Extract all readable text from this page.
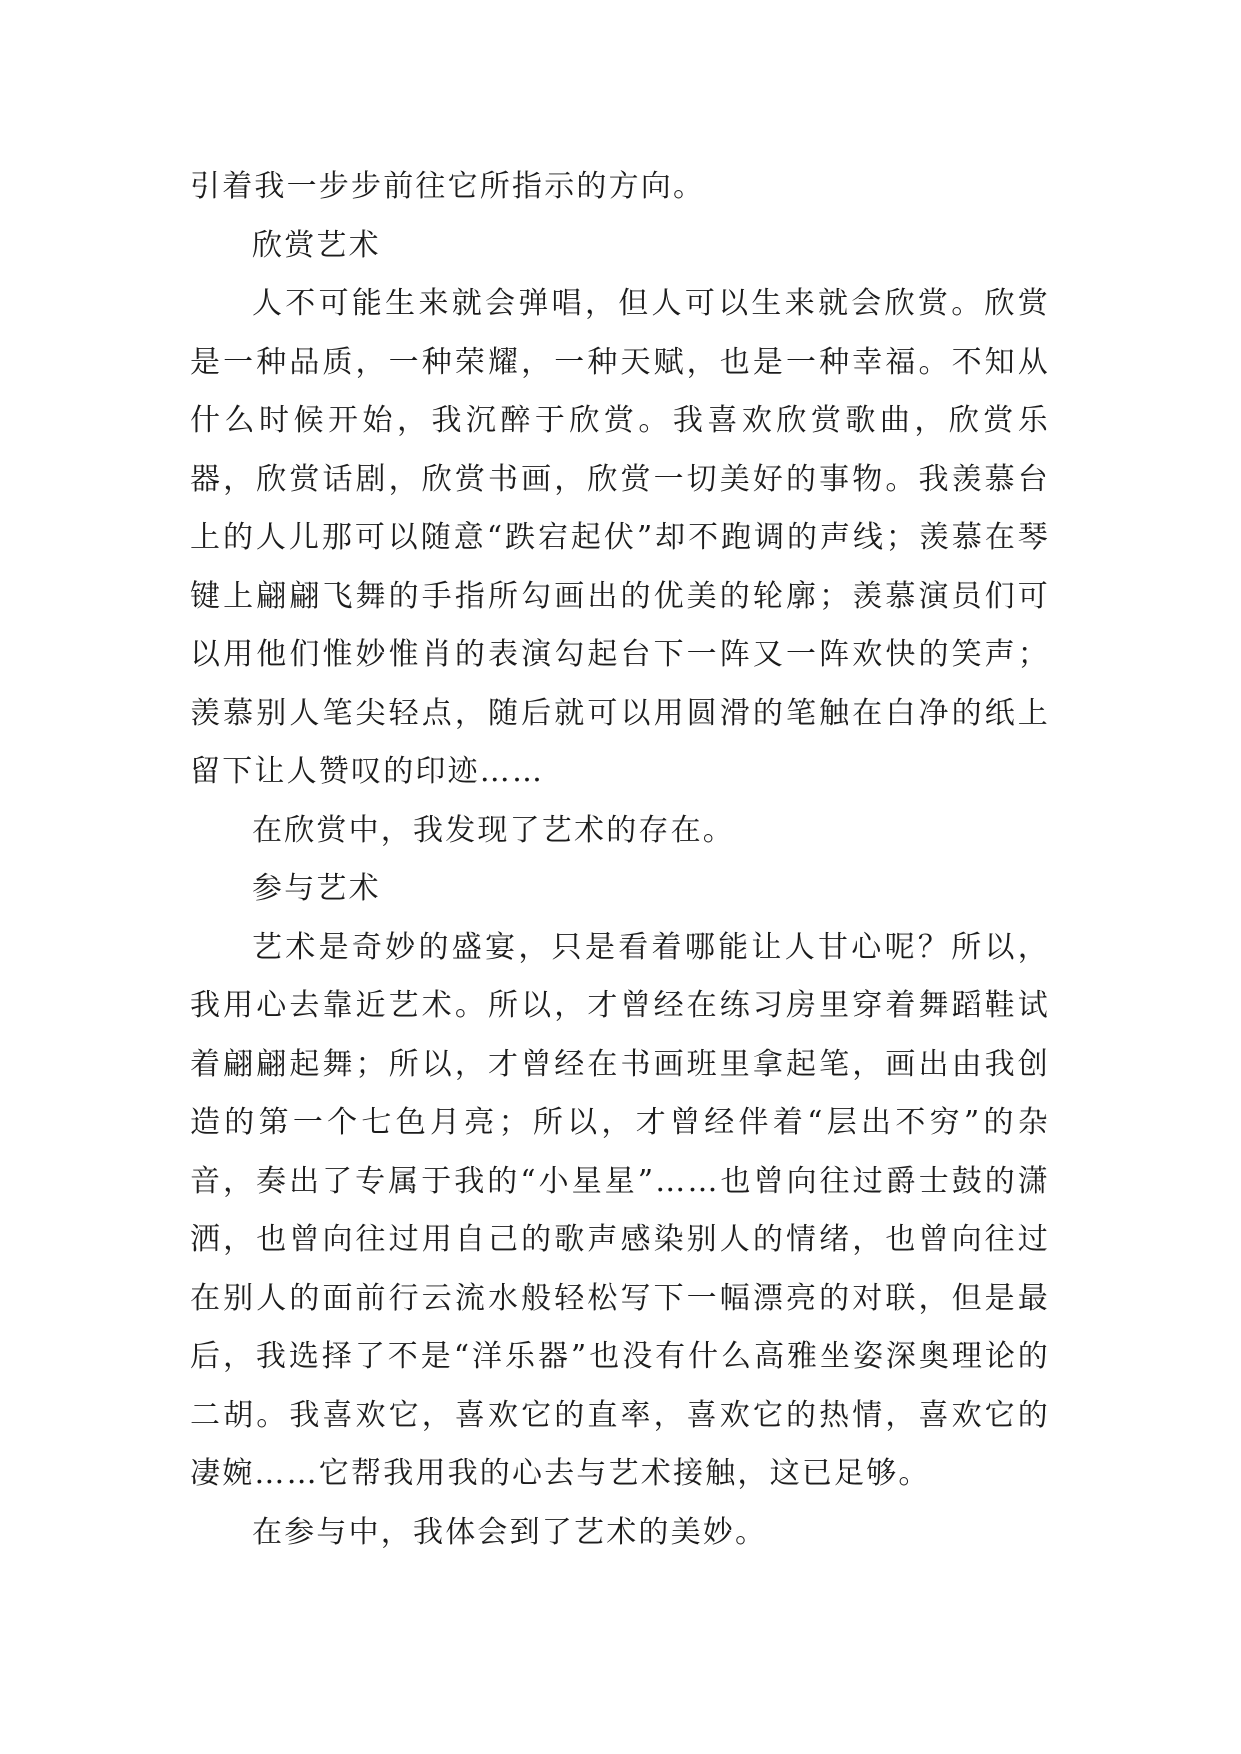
引着我一步步前往它所指示的方向。

欣赏艺术

人不可能生来就会弹唱，但人可以生来就会欣赏。欣赏是一种品质，一种荣耀，一种天赋，也是一种幸福。不知从什么时候开始，我沉醉于欣赏。我喜欢欣赏歌曲，欣赏乐器，欣赏话剧，欣赏书画，欣赏一切美好的事物。我羡慕台上的人儿那可以随意“跌宕起伏”却不跑调的声线；羡慕在琴键上翩翩飞舞的手指所勾画出的优美的轮廓；羡慕演员们可以用他们惟妙惟肖的表演勾起台下一阵又一阵欢快的笑声；羡慕别人笔尖轻点，随后就可以用圆滑的笔触在白净的纸上留下让人赞叹的印迹……

在欣赏中，我发现了艺术的存在。

参与艺术

艺术是奇妙的盛宴，只是看着哪能让人甘心呢？所以，我用心去靠近艺术。所以，才曾经在练习房里穿着舞蹈鞋试着翩翩起舞；所以，才曾经在书画班里拿起笔，画出由我创造的第一个七色月亮；所以，才曾经伴着“层出不穷”的杂音，奏出了专属于我的“小星星”……也曾向往过爵士鼓的潇洒，也曾向往过用自己的歌声感染别人的情绪，也曾向往过在别人的面前行云流水般轻松写下一幅漂亮的对联，但是最后，我选择了不是“洋乐器”也没有什么高雅坐姿深奥理论的二胡。我喜欢它，喜欢它的直率，喜欢它的热情，喜欢它的凄婉……它帮我用我的心去与艺术接触，这已足够。

在参与中，我体会到了艺术的美妙。
